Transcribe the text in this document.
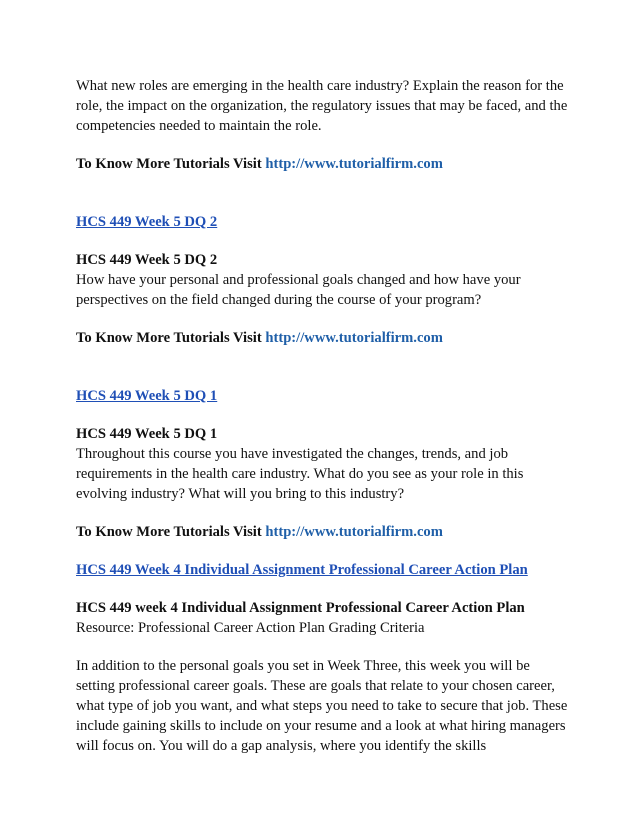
What new roles are emerging in the health care industry? Explain the reason for the role, the impact on the organization, the regulatory issues that may be faced, and the competencies needed to maintain the role.

To Know More Tutorials Visit http://www.tutorialfirm.com

HCS 449 Week 5 DQ 2

HCS 449 Week 5 DQ 2

How have your personal and professional goals changed and how have your perspectives on the field changed during the course of your program?

To Know More Tutorials Visit http://www.tutorialfirm.com

HCS 449 Week 5 DQ 1

HCS 449 Week 5 DQ 1

Throughout this course you have investigated the changes, trends, and job requirements in the health care industry. What do you see as your role in this evolving industry? What will you bring to this industry?

To Know More Tutorials Visit http://www.tutorialfirm.com

HCS 449 Week 4 Individual Assignment Professional Career Action Plan

HCS 449 week 4 Individual Assignment Professional Career Action Plan

Resource: Professional Career Action Plan Grading Criteria

In addition to the personal goals you set in Week Three, this week you will be setting professional career goals. These are goals that relate to your chosen career, what type of job you want, and what steps you need to take to secure that job. These include gaining skills to include on your resume and a look at what hiring managers will focus on. You will do a gap analysis, where you identify the skills
